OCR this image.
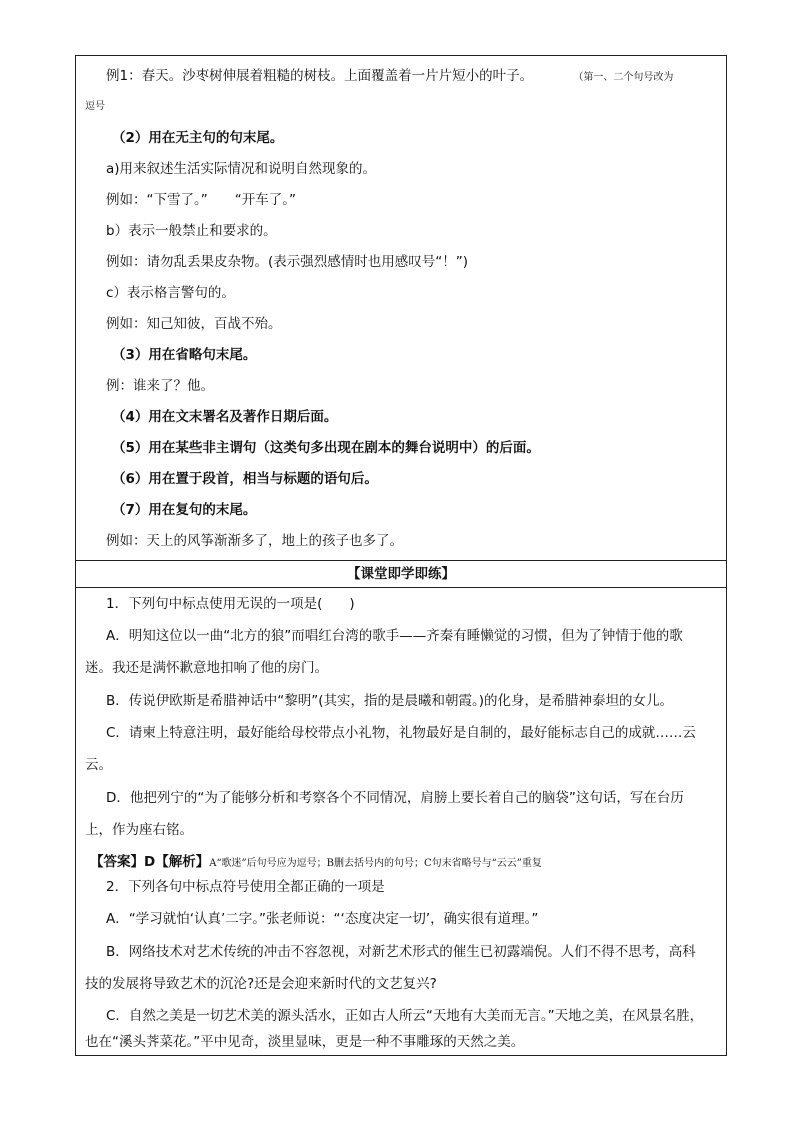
例1：春天。沙枣树伸展着粗糙的树枝。上面覆盖着一片片短小的叶子。	（第一、二个句号改为
逗号
（2）用在无主句的句末尾。
a)用来叙述生活实际情况和说明自然现象的。
例如：“下雪了。”　　“开车了。”
b）表示一般禁止和要求的。
例如：请勿乱丢果皮杂物。(表示强烈感情时也用感叹号“！”)
c）表示格言警句的。
例如：知己知彼，百战不殆。
（3）用在省略句末尾。
例：谁来了？他。
（4）用在文末署名及著作日期后面。
（5）用在某些非主谓句（这类句多出现在剧本的舞台说明中）的后面。
（6）用在置于段首，相当与标题的语句后。
（7）用在复句的末尾。
例如：天上的风筝渐渐多了，地上的孩子也多了。
【课堂即学即练】
1．下列句中标点使用无误的一项是(　　)
A．明知这位以一曲“北方的狼”而唱红台湾的歌手——齐秦有睡懒觉的习惯，但为了钟情于他的歌
迷。我还是满怀歉意地扣响了他的房门。
B．传说伊欧斯是希腊神话中“黎明”(其实，指的是晨曦和朝霞。)的化身，是希腊神泰坦的女儿。
C．请柬上特意注明，最好能给母校带点小礼物，礼物最好是自制的，最好能标志自己的成就……云
云。
D．他把列宁的“为了能够分析和考察各个不同情况，肩膀上要长着自己的脑袋”这句话，写在台历
上，作为座右铭。
【答案】D【解析】A“歌迷”后句号应为逗号；B删去括号内的句号；C句末省略号与“云云”重复
2．下列各句中标点符号使用全都正确的一项是
A．“学习就怕‘认真’二字。”张老师说：“‘态度决定一切’，确实很有道理。”
B．网络技术对艺术传统的冲击不容忽视，对新艺术形式的催生已初露端倪。人们不得不思考，高科
技的发展将导致艺术的沉沦?还是会迎来新时代的文艺复兴?
C．自然之美是一切艺术美的源头活水，正如古人所云“天地有大美而无言。”天地之美，在风景名胜，
也在“溪头荠菜花。”平中见奇，淡里显味，更是一种不事雕琢的天然之美。
